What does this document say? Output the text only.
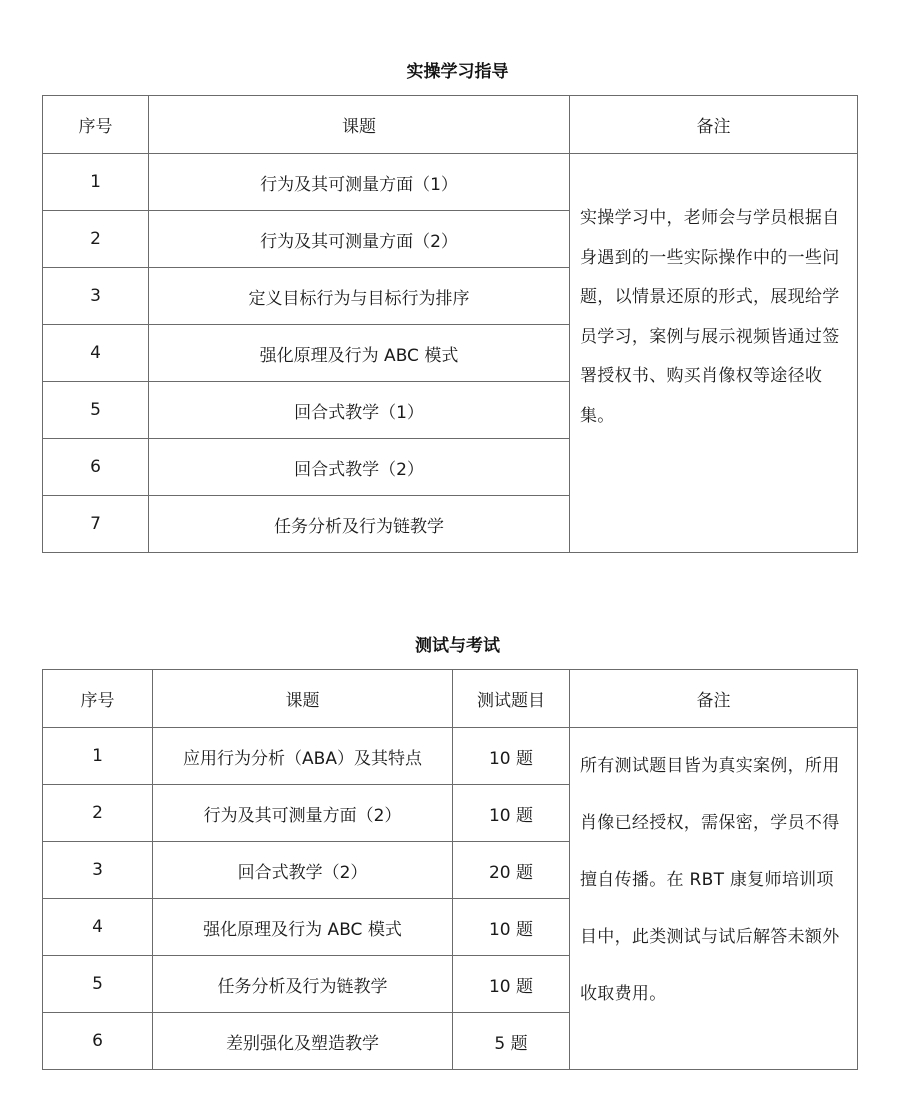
实操学习指导
序号	课题	备注
1	行为及其可测量方面（1）	实操学习中，老师会与学员根据自身遇到的一些实际操作中的一些问题，以情景还原的形式，展现给学员学习，案例与展示视频皆通过签署授权书、购买肖像权等途径收集。
2	行为及其可测量方面（2）	
3	定义目标行为与目标行为排序	
4	强化原理及行为 ABC 模式	
5	回合式教学（1）	
6	回合式教学（2）	
7	任务分析及行为链教学	
测试与考试
序号	课题	测试题目	备注
1	应用行为分析（ABA）及其特点	10 题	所有测试题目皆为真实案例，所用肖像已经授权，需保密，学员不得擅自传播。在 RBT 康复师培训项目中，此类测试与试后解答未额外收取费用。
2	行为及其可测量方面（2）	10 题	
3	回合式教学（2）	20 题	
4	强化原理及行为 ABC 模式	10 题	
5	任务分析及行为链教学	10 题	
6	差别强化及塑造教学	5 题	
